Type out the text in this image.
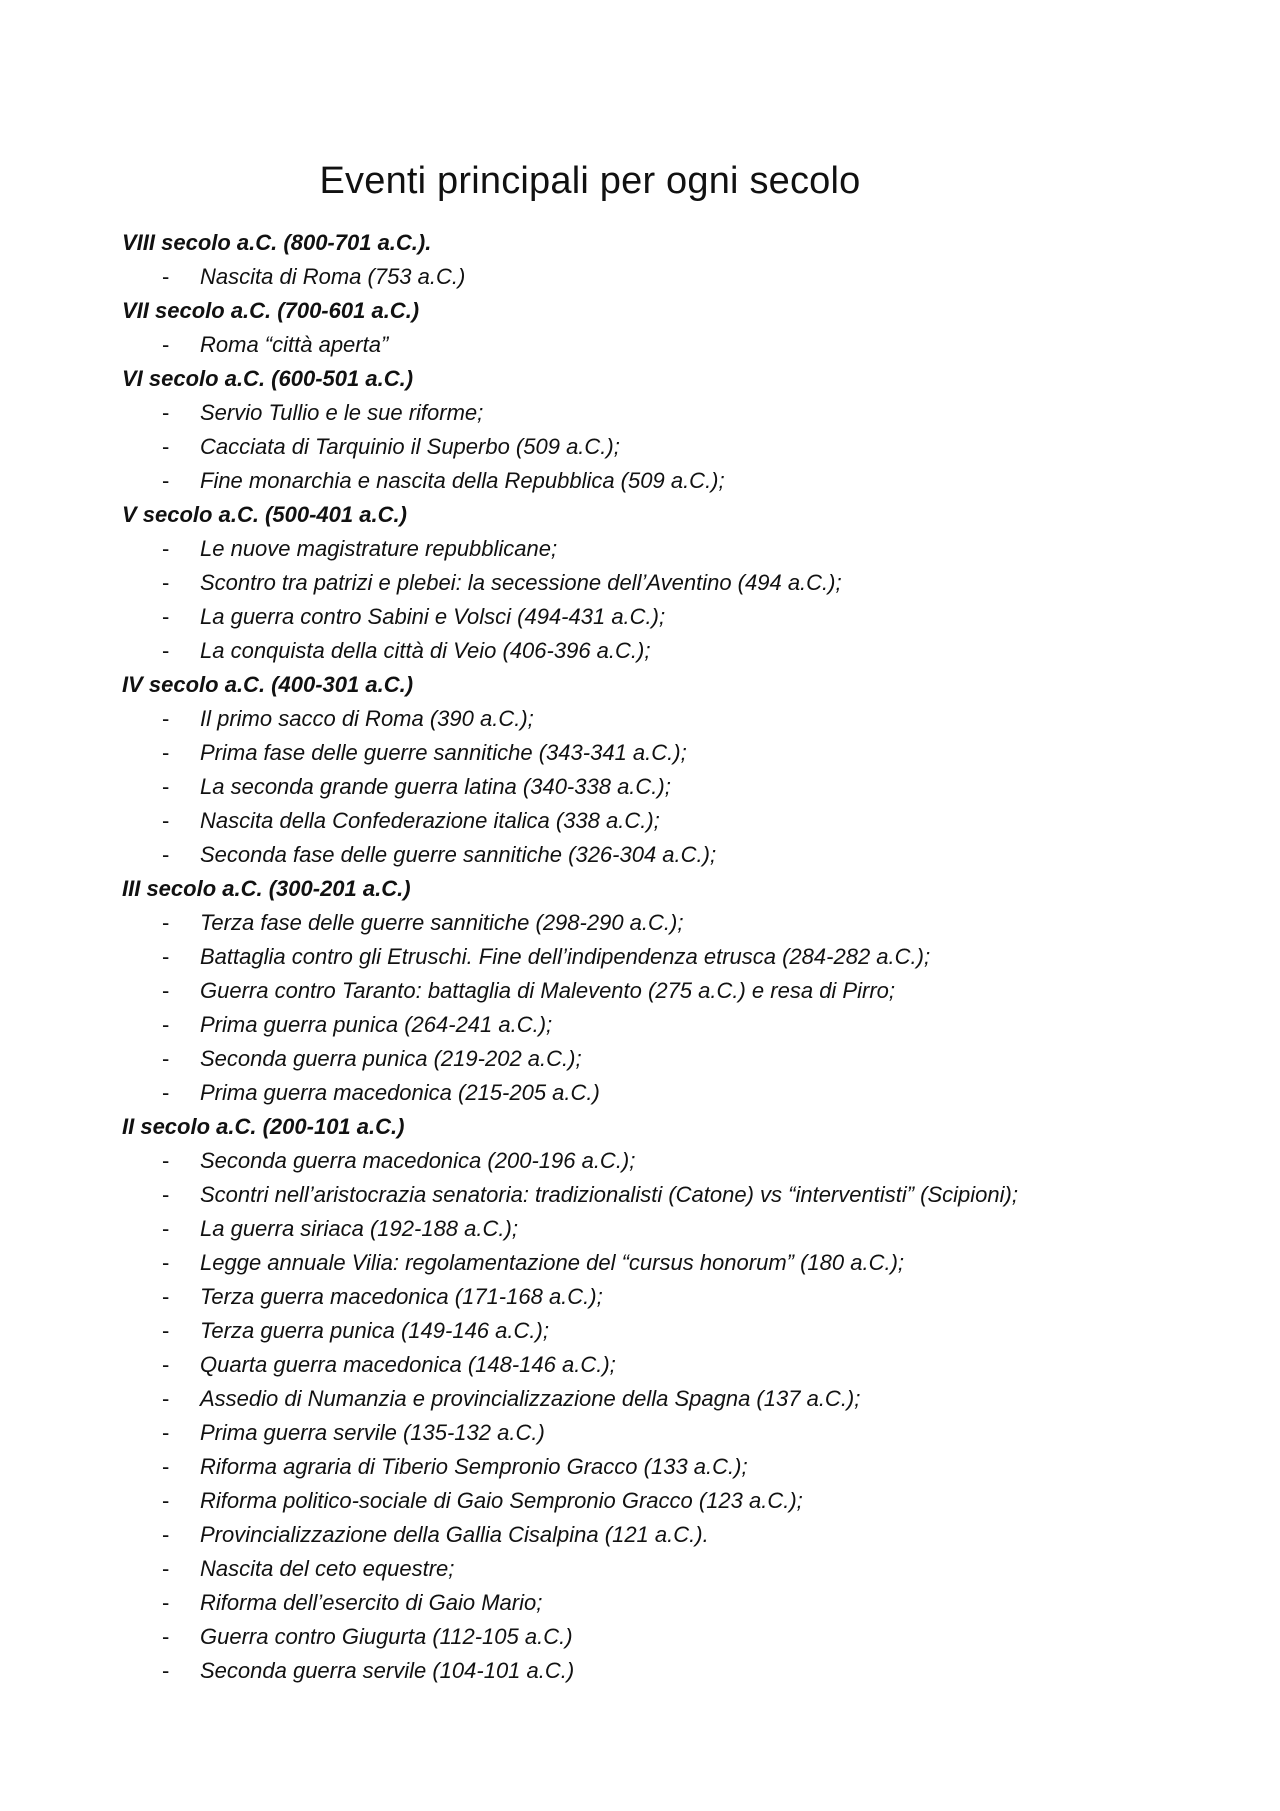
Eventi principali per ogni secolo
VIII secolo a.C. (800-701 a.C.).
- Nascita di Roma (753 a.C.)
VII secolo a.C. (700-601 a.C.)
- Roma “città aperta”
VI secolo a.C. (600-501 a.C.)
- Servio Tullio e le sue riforme;
- Cacciata di Tarquinio il Superbo (509 a.C.);
- Fine monarchia e nascita della Repubblica (509 a.C.);
V secolo a.C. (500-401 a.C.)
- Le nuove magistrature repubblicane;
- Scontro tra patrizi e plebei: la secessione dell’Aventino (494 a.C.);
- La guerra contro Sabini e Volsci (494-431 a.C.);
- La conquista della città di Veio (406-396 a.C.);
IV secolo a.C. (400-301 a.C.)
- Il primo sacco di Roma (390 a.C.);
- Prima fase delle guerre sannitiche (343-341 a.C.);
- La seconda grande guerra latina (340-338 a.C.);
- Nascita della Confederazione italica (338 a.C.);
- Seconda fase delle guerre sannitiche (326-304 a.C.);
III secolo a.C. (300-201 a.C.)
- Terza fase delle guerre sannitiche (298-290 a.C.);
- Battaglia contro gli Etruschi. Fine dell’indipendenza etrusca (284-282 a.C.);
- Guerra contro Taranto: battaglia di Malevento (275 a.C.) e resa di Pirro;
- Prima guerra punica (264-241 a.C.);
- Seconda guerra punica (219-202 a.C.);
- Prima guerra macedonica (215-205 a.C.)
II secolo a.C. (200-101 a.C.)
- Seconda guerra macedonica (200-196 a.C.);
- Scontri nell’aristocrazia senatoria: tradizionalisti (Catone) vs “interventisti” (Scipioni);
- La guerra siriaca (192-188 a.C.);
- Legge annuale Vilia: regolamentazione del “cursus honorum” (180 a.C.);
- Terza guerra macedonica (171-168 a.C.);
- Terza guerra punica (149-146 a.C.);
- Quarta guerra macedonica (148-146 a.C.);
- Assedio di Numanzia e provincializzazione della Spagna (137 a.C.);
- Prima guerra servile (135-132 a.C.)
- Riforma agraria di Tiberio Sempronio Gracco (133 a.C.);
- Riforma politico-sociale di Gaio Sempronio Gracco (123 a.C.);
- Provincializzazione della Gallia Cisalpina (121 a.C.).
- Nascita del ceto equestre;
- Riforma dell’esercito di Gaio Mario;
- Guerra contro Giugurta (112-105 a.C.)
- Seconda guerra servile (104-101 a.C.)
